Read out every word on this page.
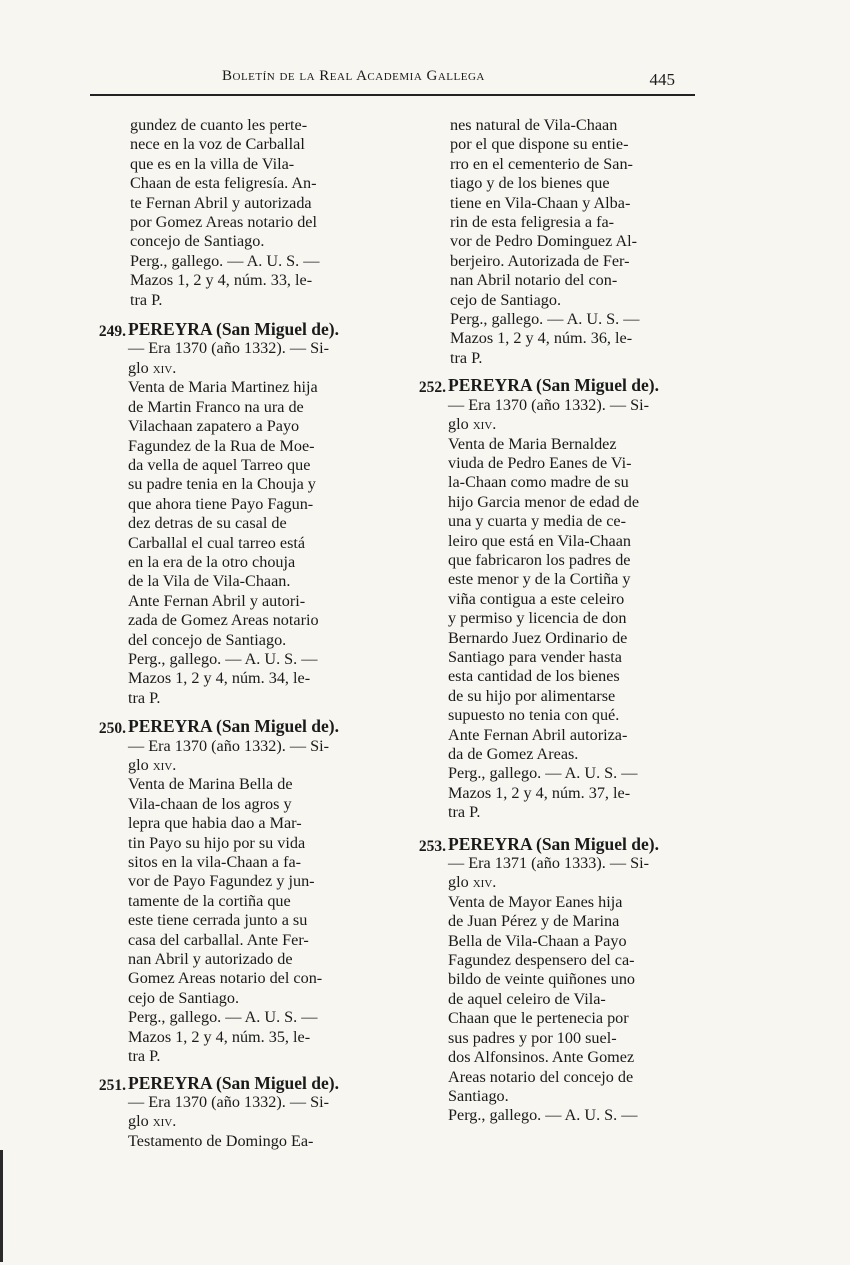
Boletín de la Real Academia Gallega	445
gundez de cuanto les perte-
nece en la voz de Carballal
que es en la villa de Vila-
Chaan de esta feligresía. An-
te Fernan Abril y autorizada
por Gomez Areas notario del
concejo de Santiago.
Perg., gallego. — A. U. S. —
Mazos 1, 2 y 4, núm. 33, le-
tra P.
249. PEREYRA (San Miguel de).
— Era 1370 (año 1332). — Si-
glo xiv.
Venta de Maria Martinez hija
de Martin Franco na ura de
Vilachaan zapatero a Payo
Fagundez de la Rua de Moe-
da vella de aquel Tarreo que
su padre tenia en la Chouja y
que ahora tiene Payo Fagun-
dez detras de su casal de
Carballal el cual tarreo está
en la era de la otro chouja
de la Vila de Vila-Chaan.
Ante Fernan Abril y autori-
zada de Gomez Areas notario
del concejo de Santiago.
Perg., gallego. — A. U. S. —
Mazos 1, 2 y 4, núm. 34, le-
tra P.
250. PEREYRA (San Miguel de).
— Era 1370 (año 1332). — Si-
glo xiv.
Venta de Marina Bella de
Vila-chaan de los agros y
lepra que habia dao a Mar-
tin Payo su hijo por su vida
sitos en la vila-Chaan a fa-
vor de Payo Fagundez y jun-
tamente de la cortiña que
este tiene cerrada junto a su
casa del carballal. Ante Fer-
nan Abril y autorizado de
Gomez Areas notario del con-
cejo de Santiago.
Perg., gallego. — A. U. S. —
Mazos 1, 2 y 4, núm. 35, le-
tra P.
251. PEREYRA (San Miguel de).
— Era 1370 (año 1332). — Si-
glo xiv.
Testamento de Domingo Ea-
nes natural de Vila-Chaan
por el que dispone su entie-
rro en el cementerio de San-
tiago y de los bienes que
tiene en Vila-Chaan y Alba-
rin de esta feligresia a fa-
vor de Pedro Dominguez Al-
berjeiro. Autorizada de Fer-
nan Abril notario del con-
cejo de Santiago.
Perg., gallego. — A. U. S. —
Mazos 1, 2 y 4, núm. 36, le-
tra P.
252. PEREYRA (San Miguel de).
— Era 1370 (año 1332). — Si-
glo xiv.
Venta de Maria Bernaldez
viuda de Pedro Eanes de Vi-
la-Chaan como madre de su
hijo Garcia menor de edad de
una y cuarta y media de ce-
leiro que está en Vila-Chaan
que fabricaron los padres de
este menor y de la Cortiña y
viña contigua a este celeiro
y permiso y licencia de don
Bernardo Juez Ordinario de
Santiago para vender hasta
esta cantidad de los bienes
de su hijo por alimentarse
supuesto no tenia con qué.
Ante Fernan Abril autoriza-
da de Gomez Areas.
Perg., gallego. — A. U. S. —
Mazos 1, 2 y 4, núm. 37, le-
tra P.
253. PEREYRA (San Miguel de).
— Era 1371 (año 1333). — Si-
glo xiv.
Venta de Mayor Eanes hija
de Juan Pérez y de Marina
Bella de Vila-Chaan a Payo
Fagundez despensero del ca-
bildo de veinte quiñones uno
de aquel celeiro de Vila-
Chaan que le pertenecia por
sus padres y por 100 suel-
dos Alfonsinos. Ante Gomez
Areas notario del concejo de
Santiago.
Perg., gallego. — A. U. S. —
